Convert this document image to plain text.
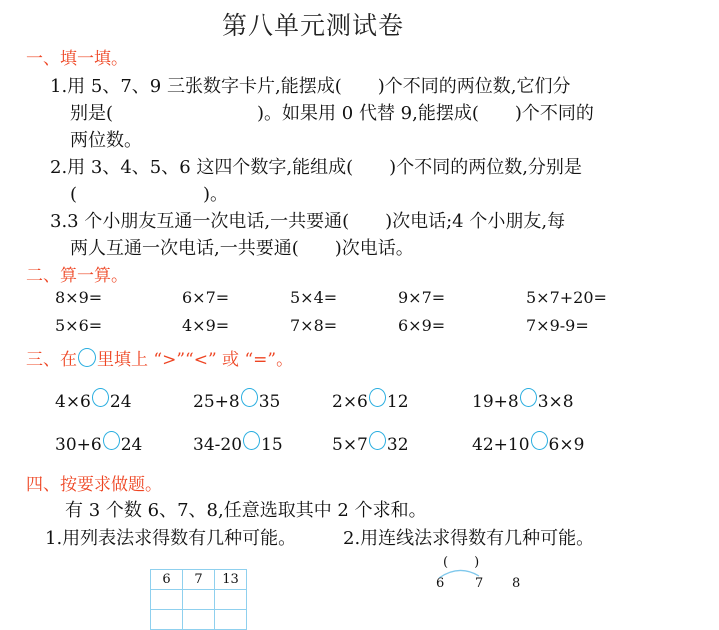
第八单元测试卷
一、填一填。
1.用 5、7、9 三张数字卡片,能摆成(　　)个不同的两位数,它们分
别是(　　　　　　　　)。如果用 0 代替 9,能摆成(　　)个不同的
两位数。
2.用 3、4、5、6 这四个数字,能组成(　　)个不同的两位数,分别是
(　　　　　　　)。
3.3 个小朋友互通一次电话,一共要通(　　)次电话;4 个小朋友,每
两人互通一次电话,一共要通(　　)次电话。
二、算一算。
8×9=	6×7=	5×4=	9×7=	5×7+20=
5×6=	4×9=	7×8=	6×9=	7×9-9=
三、在 里填上 “>”“<” 或 “=”。
4×6 24	25+8 35	2×6 12	19+8 3×8
30+6 24	34-20 15	5×7 32	42+10 6×9
四、按要求做题。
有 3 个数 6、7、8,任意选取其中 2 个求和。
1.用列表法求得数有几种可能。	2.用连线法求得数有几种可能。
6	7	13

(　　)
6 7 8
